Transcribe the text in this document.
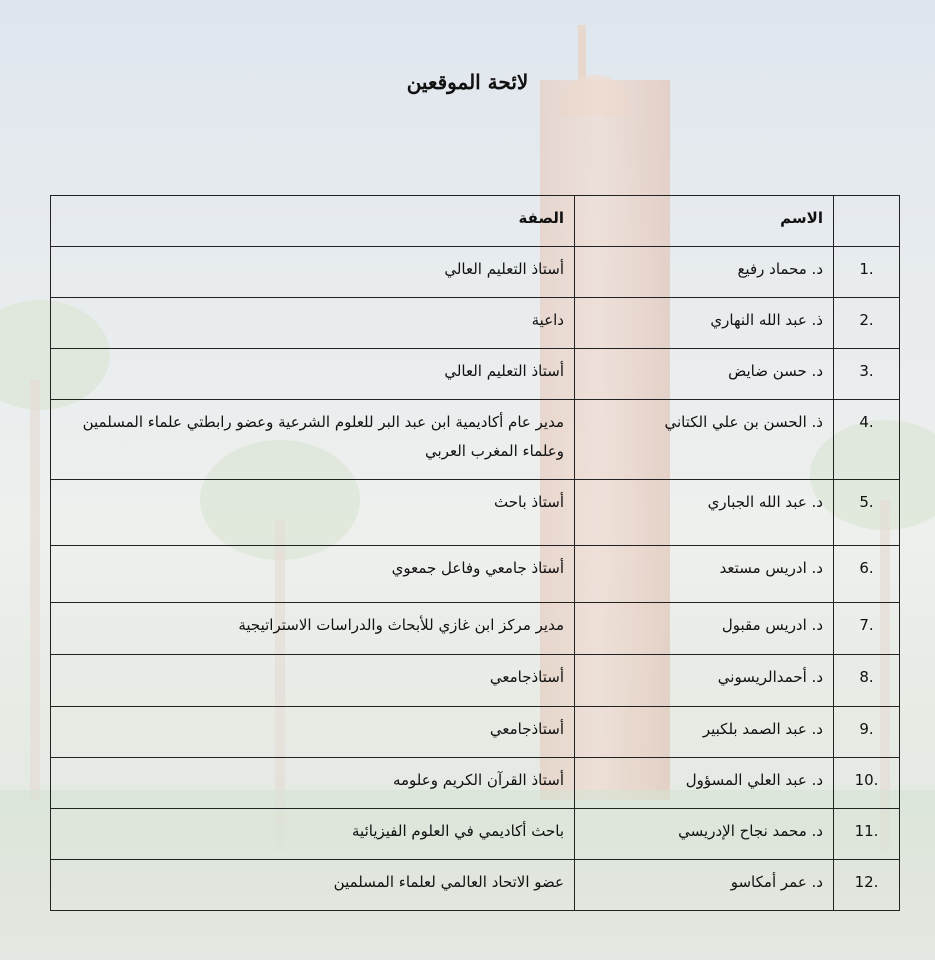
لائحة الموقعين
	الاسم	الصفة
1.	د. محماد رفيع	أستاذ التعليم العالي
2.	ذ. عبد الله النهاري	داعية
3.	د. حسن ضايض	أستاذ التعليم العالي
4.	ذ. الحسن بن علي الكتاني	مدير عام أكاديمية ابن عبد البر للعلوم الشرعية وعضو رابطتي علماء المسلمين وعلماء المغرب العربي
5.	د. عبد الله الجباري	أستاذ باحث
6.	د. ادريس مستعد	أستاذ جامعي وفاعل جمعوي
7.	د. ادريس مقبول	مدير مركز ابن غازي للأبحاث والدراسات الاستراتيجية
8.	د. أحمدالريسوني	أستاذجامعي
9.	د. عبد الصمد بلكبير	أستاذجامعي
10.	د. عبد العلي المسؤول	أستاذ القرآن الكريم وعلومه
11.	د. محمد نجاح الإدريسي	باحث أكاديمي في العلوم الفيزيائية
12.	د. عمر أمكاسو	عضو الاتحاد العالمي لعلماء المسلمين
